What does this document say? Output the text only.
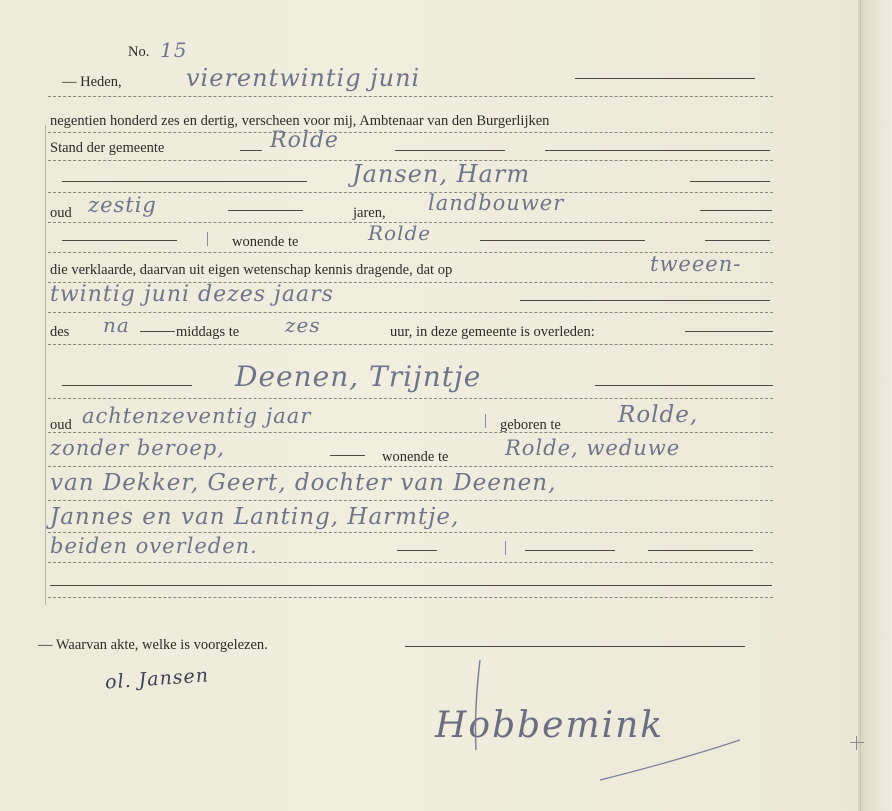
No. 15
— Heden,	vierentwintig juni
negentien honderd zes en dertig, verscheen voor mij, Ambtenaar van den Burgerlijken
Stand der gemeente	Rolde
Jansen, Harm
oud zestig	jaren, landbouwer
wonende te	Rolde
die verklaarde, daarvan uit eigen wetenschap kennis dragende, dat op	tweeen-
twintig juni dezes jaars
des na	middags te zes	uur, in deze gemeente is overleden:
Deenen, Trijntje
oud achtenzeventig jaar	geboren te Rolde,
zonder beroep,	wonende te	Rolde, weduwe
van Dekker, Geert, dochter van Deenen,
Jannes en van Lanting, Harmtje,
beiden overleden.
— Waarvan akte, welke is voorgelezen.
ol. Jansen
Hobbemink
